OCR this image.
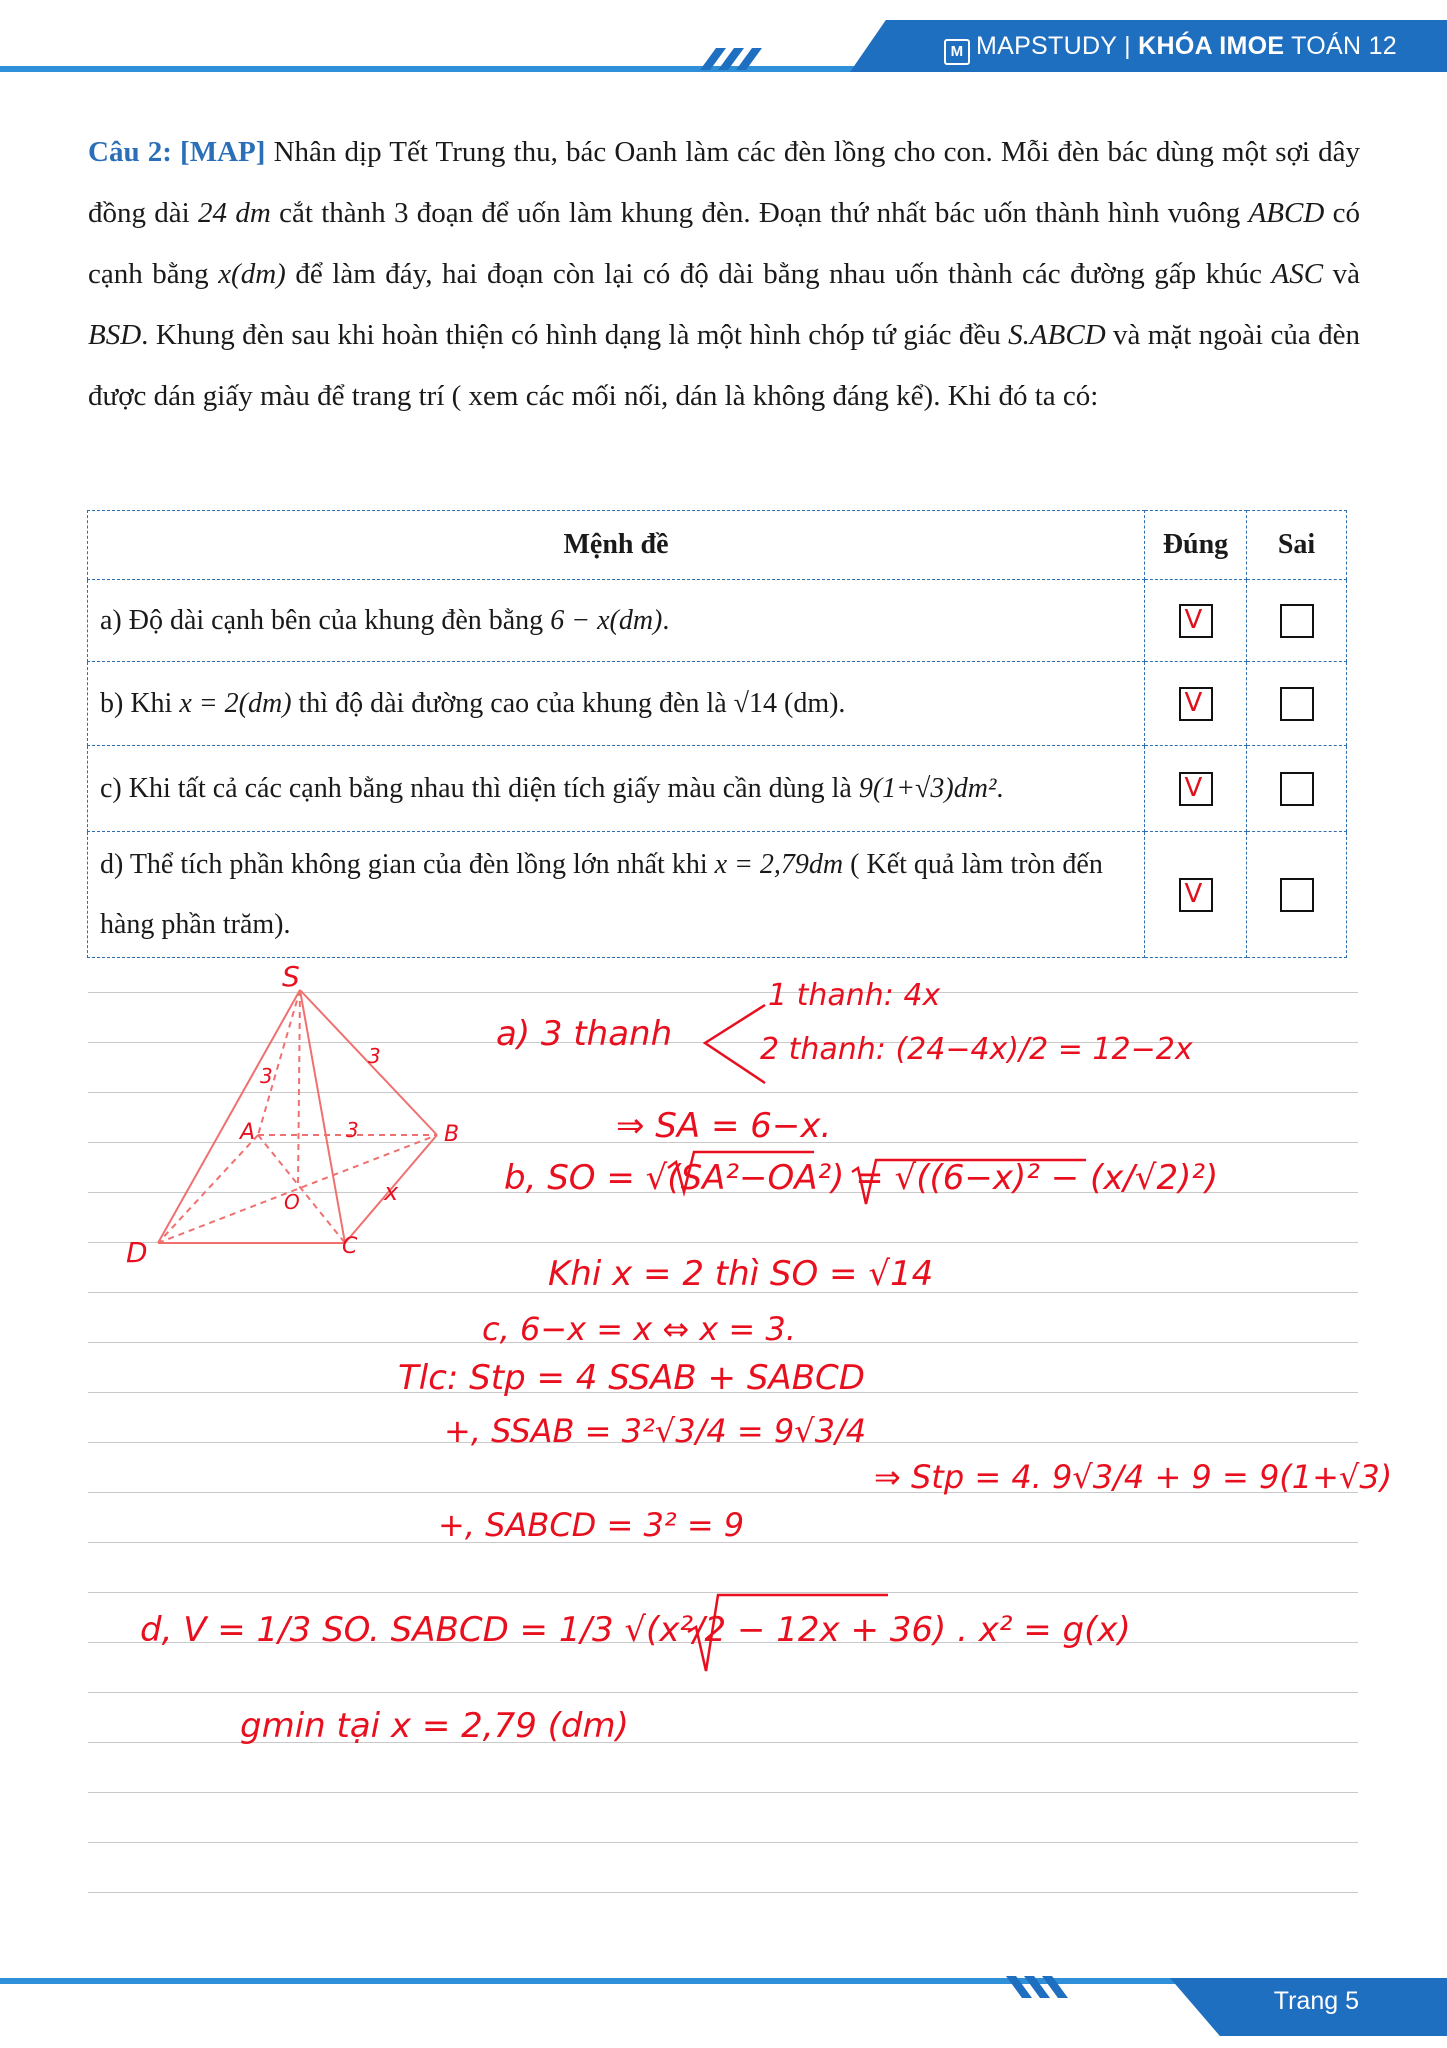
M MAPSTUDY | KHÓA IMOE TOÁN 12
Câu 2: [MAP] Nhân dịp Tết Trung thu, bác Oanh làm các đèn lồng cho con. Mỗi đèn bác dùng một sợi dây đồng dài 24 dm cắt thành 3 đoạn để uốn làm khung đèn. Đoạn thứ nhất bác uốn thành hình vuông ABCD có cạnh bằng x(dm) để làm đáy, hai đoạn còn lại có độ dài bằng nhau uốn thành các đường gấp khúc ASC và BSD. Khung đèn sau khi hoàn thiện có hình dạng là một hình chóp tứ giác đều S.ABCD và mặt ngoài của đèn được dán giấy màu để trang trí ( xem các mối nối, dán là không đáng kể). Khi đó ta có:
Mệnh đề	Đúng	Sai
a) Độ dài cạnh bên của khung đèn bằng 6 − x(dm).	V	

b) Khi x = 2(dm) thì độ dài đường cao của khung đèn là √14 (dm).	V	

c) Khi tất cả các cạnh bằng nhau thì diện tích giấy màu cần dùng là 9(1+√3)dm².	V	

d) Thể tích phần không gian của đèn lồng lớn nhất khi x = 2,79dm ( Kết quả làm tròn đến hàng phần trăm).	V	

S
A	B
C
D
O
3
3
3
x
a) 3 thanh
1 thanh: 4x
2 thanh: (24−4x)/2 = 12−2x
⇒ SA = 6−x.
b, SO = √(SA²−OA²) = √((6−x)² − (x/√2)²)
Khi x = 2 thì SO = √14
c, 6−x = x ⇔ x = 3.
Tlc: Stp = 4 SSAB + SABCD
+, SSAB = 3²√3/4 = 9√3/4
⇒ Stp = 4. 9√3/4 + 9 = 9(1+√3)
+, SABCD = 3² = 9
d, V = 1/3 SO. SABCD = 1/3 √(x²/2 − 12x + 36) . x² = g(x)
gmin tại x = 2,79 (dm)
Trang 5
